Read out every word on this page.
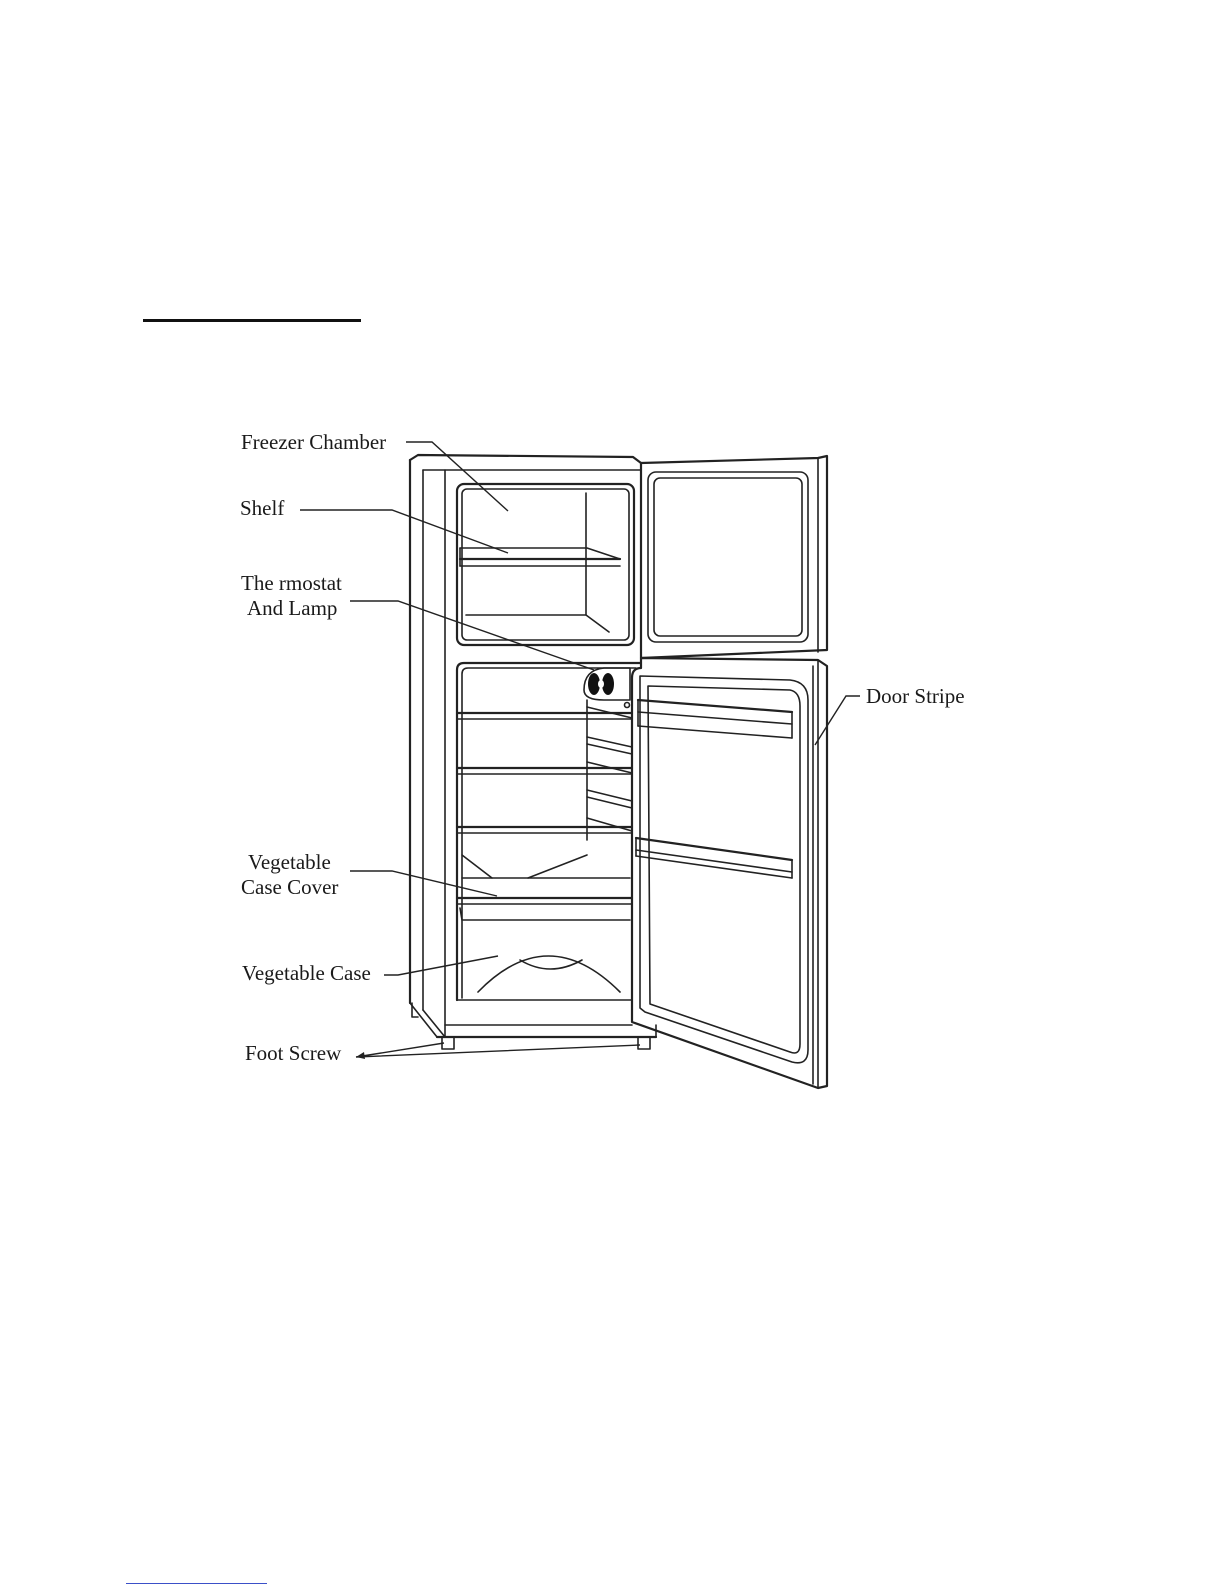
Freezer Chamber
Shelf
The rmostat
And Lamp
Door Stripe
Vegetable
Case Cover
Vegetable Case
Foot Screw
